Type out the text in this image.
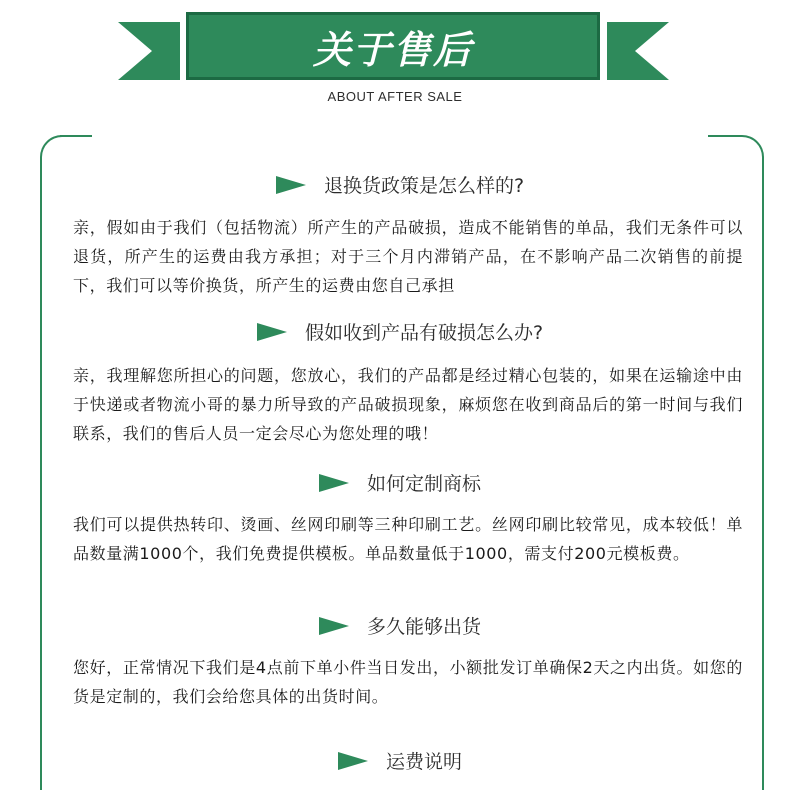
关于售后
ABOUT AFTER SALE
退换货政策是怎么样的?
亲，假如由于我们（包括物流）所产生的产品破损，造成不能销售的单品，我们无条件可以退货，所产生的运费由我方承担；对于三个月内滞销产品，在不影响产品二次销售的前提下，我们可以等价换货，所产生的运费由您自己承担
假如收到产品有破损怎么办?
亲，我理解您所担心的问题，您放心，我们的产品都是经过精心包装的，如果在运输途中由于快递或者物流小哥的暴力所导致的产品破损现象，麻烦您在收到商品后的第一时间与我们联系，我们的售后人员一定会尽心为您处理的哦！
如何定制商标
我们可以提供热转印、烫画、丝网印刷等三种印刷工艺。丝网印刷比较常见，成本较低！单品数量满1000个，我们免费提供模板。单品数量低于1000，需支付200元模板费。
多久能够出货
您好，正常情况下我们是4点前下单小件当日发出，小额批发订单确保2天之内出货。如您的货是定制的，我们会给您具体的出货时间。
运费说明
